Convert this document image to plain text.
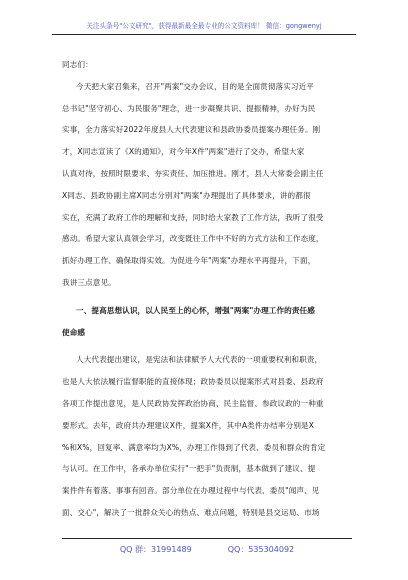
关注头条号"公文研究"，获得最新最全最专业的公文资料库！ 微信：gongwenyj
同志们：
今天把大家召集来，召开"两案"交办会议，目的是全面贯彻落实习近平
总书记"坚守初心、为民服务"理念，进一步凝聚共识、提振精神，办好为民
实事，全力落实好2022年度县人大代表建议和县政协委员提案办理任务。刚
才，X同志宣读了《X的通知》，对今年X件"两案"进行了交办，希望大家
认真对待，按照时限要求、夯实责任、加压推进。刚才，县人大常委会副主任
X同志、县政协副主席X同志分别对"两案"办理提出了具体要求，讲的都很
实在，充满了政府工作的理解和支持，同时给大家教了工作方法，我听了很受
感动。希望大家认真领会学习，改变既往工作中不好的方式方法和工作态度，
抓好办理工作、确保取得实效。为促进今年"两案"办理水平再提升，下面，
我讲三点意见。
一、提高思想认识，以人民至上的心怀，增强"两案"办理工作的责任感
使命感
人大代表提出建议，是宪法和法律赋予人大代表的一项重要权利和职责，
也是人大依法履行监督职能的直接体现；政协委员以提案形式对县委、县政府
各项工作提出意见，是人民政协发挥政治协商、民主监督、参政议政的一种重
要形式。去年，政府共办理建议X件，提案X件，其中A类件办结率分别是X
%和X%，回复率、满意率均为X%，办理工作得到了代表、委员和群众的肯定
与认可。在工作中，各承办单位实行"一把手"负责制，基本做到了建议、提
案件件有着落、事事有回音。部分单位在办理过程中与代表、委员"闻声、见
面、交心"，解决了一批群众关心的热点、难点问题，特别是县交运局、市场
QQ 群：31991489	QQ：535304092
